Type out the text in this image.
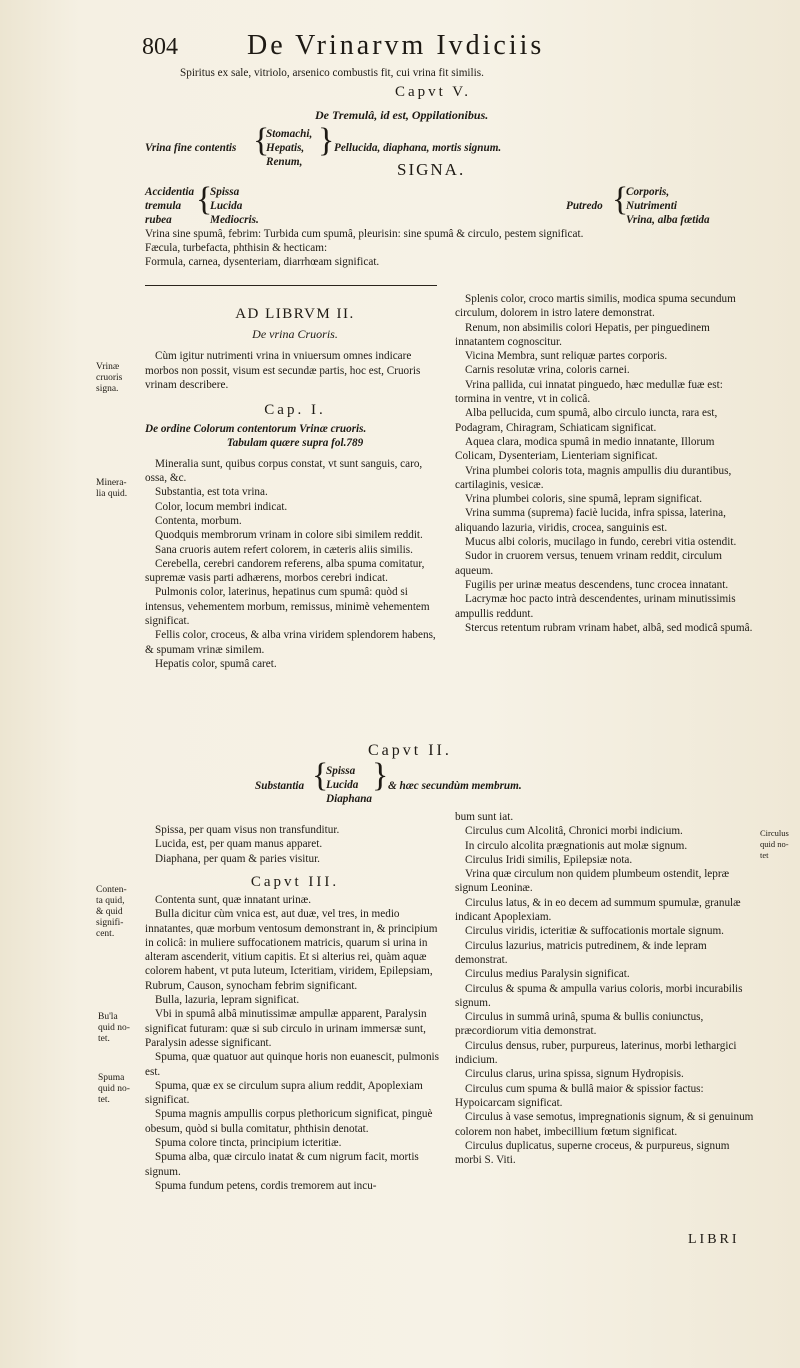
804 De Vrinarvm Ivdiciis
Spiritus ex sale, vitriolo, arsenico combustis fit, cui vrina fit similis.
Capvt V.
De Tremulâ, id est, Oppilationibus.
Vrina fine contentis {
Stomachi,
Hepatis,
Renum,
} Pellucida, diaphana, mortis signum.
SIGNA.
Accidentia
tremula
rubea
{
Spissa
Lucida
Mediocris.
Putredo {
Corporis,
Nutrimenti
Vrina, alba fœtida
Vrina sine spumâ, febrim: Turbida cum spumâ, pleurisin: sine spumâ & circulo, pestem significat.
Fæcula, turbefacta, phthisin & hecticam:
Formula, carnea, dysenteriam, diarrhœam significat.
AD LIBRVM II.
De vrina Cruoris.

Cùm igitur nutrimenti vrina in vniuersum omnes indicare morbos non possit, visum est secundæ partis, hoc est, Cruoris vrinam describere.

Cap. I.
De ordine Colorum contentorum Vrinæ cruoris.
Tabulam quære supra fol.789

Mineralia sunt, quibus corpus constat, vt sunt sanguis, caro, ossa, &c.

Substantia, est tota vrina.

Color, locum membri indicat.

Contenta, morbum.

Quodquis membrorum vrinam in colore sibi similem reddit.

Sana cruoris autem refert colorem, in cæteris aliis similis.

Cerebella, cerebri candorem referens, alba spuma comitatur, supremæ vasis parti adhærens, morbos cerebri indicat.

Pulmonis color, laterinus, hepatinus cum spumâ: quòd si intensus, vehementem morbum, remissus, minimè vehementem significat.

Fellis color, croceus, & alba vrina viridem splendorem habens, & spumam vrinæ similem.

Hepatis color, spumâ caret.

Splenis color, croco martis similis, modica spuma secundum circulum, dolorem in istro latere demonstrat.

Renum, non absimilis colori Hepatis, per pinguedinem innatantem cognoscitur.

Vicina Membra, sunt reliquæ partes corporis.

Carnis resolutæ vrina, coloris carnei.

Vrina pallida, cui innatat pinguedo, hæc medullæ fuæ est: tormina in ventre, vt in colicâ.

Alba pellucida, cum spumâ, albo circulo iuncta, rara est, Podagram, Chiragram, Schiaticam significat.

Aquea clara, modica spumâ in medio innatante, Illorum Colicam, Dysenteriam, Lienteriam significat.

Vrina plumbei coloris tota, magnis ampullis diu durantibus, cartilaginis, vesicæ.

Vrina plumbei coloris, sine spumâ, lepram significat.

Vrina summa (suprema) faciè lucida, infra spissa, laterina, aliquando lazuria, viridis, crocea, sanguinis est.

Mucus albi coloris, mucilago in fundo, cerebri vitia ostendit.

Sudor in cruorem versus, tenuem vrinam reddit, circulum aqueum.

Fugilis per urinæ meatus descendens, tunc crocea innatant.

Lacrymæ hoc pacto intrà descendentes, urinam minutissimis ampullis reddunt.

Stercus retentum rubram vrinam habet, albâ, sed modicâ spumâ.

Capvt II.
Substantia {
Spissa
Lucida
Diaphana
} & hæc secundùm membrum.

Spissa, per quam visus non transfunditur.

Lucida, est, per quam manus apparet.

Diaphana, per quam & paries visitur.

Capvt III.

Contenta sunt, quæ innatant urinæ.

Bulla dicitur cùm vnica est, aut duæ, vel tres, in medio innatantes, quæ morbum ventosum demonstrant in, & principium in colicâ: in muliere suffocationem matricis, quarum si urina in alteram ascenderit, vitium capitis. Et si alterius rei, quàm aquæ colorem habent, vt puta luteum, Icteritiam, viridem, Epilepsiam, Rubrum, Causon, synocham febrim significant.

Bulla, lazuria, lepram significat.

Vbi in spumâ albâ minutissimæ ampullæ apparent, Paralysin significat futuram: quæ si sub circulo in urinam immersæ sunt, Paralysin adesse significant.

Spuma, quæ quatuor aut quinque horis non euanescit, pulmonis est.

Spuma, quæ ex se circulum supra alium reddit, Apoplexiam significat.

Spuma magnis ampullis corpus plethoricum significat, pinguè obesum, quòd si bulla comitatur, phthisin denotat.

Spuma colore tincta, principium icteritiæ.

Spuma alba, quæ circulo inatat & cum nigrum facit, mortis signum.

Spuma fundum petens, cordis tremorem aut incu-

bum sunt iat.

Circulus cum Alcolitâ, Chronici morbi indicium.

In circulo alcolita prægnationis aut molæ signum.

Circulus Iridi similis, Epilepsiæ nota.

Vrina quæ circulum non quidem plumbeum ostendit, lepræ signum Leoninæ.

Circulus latus, & in eo decem ad summum spumulæ, granulæ indicant Apoplexiam.

Circulus viridis, icteritiæ & suffocationis mortale signum.

Circulus lazurius, matricis putredinem, & inde lepram demonstrat.

Circulus medius Paralysin significat.

Circulus & spuma & ampulla varius coloris, morbi incurabilis signum.

Circulus in summâ urinâ, spuma & bullis coniunctus, præcordiorum vitia demonstrat.

Circulus densus, ruber, purpureus, laterinus, morbi lethargici indicium.

Circulus clarus, urina spissa, signum Hydropisis.

Circulus cum spuma & bullâ maior & spissior factus: Hypoicarcam significat.

Circulus à vase semotus, impregnationis signum, & si genuinum colorem non habet, imbecillium fœtum significat.

Circulus duplicatus, superne croceus, & purpureus, signum morbi S. Viti.

LIBRI
Vrinæ
cruoris
signa.
Minera-
lia quid.
Conten-
ta quid,
& quid
signifi-
cent.
Bu'la
quid no-
tet.
Spuma
quid no-
tet.
Circulus
quid no-
tet
